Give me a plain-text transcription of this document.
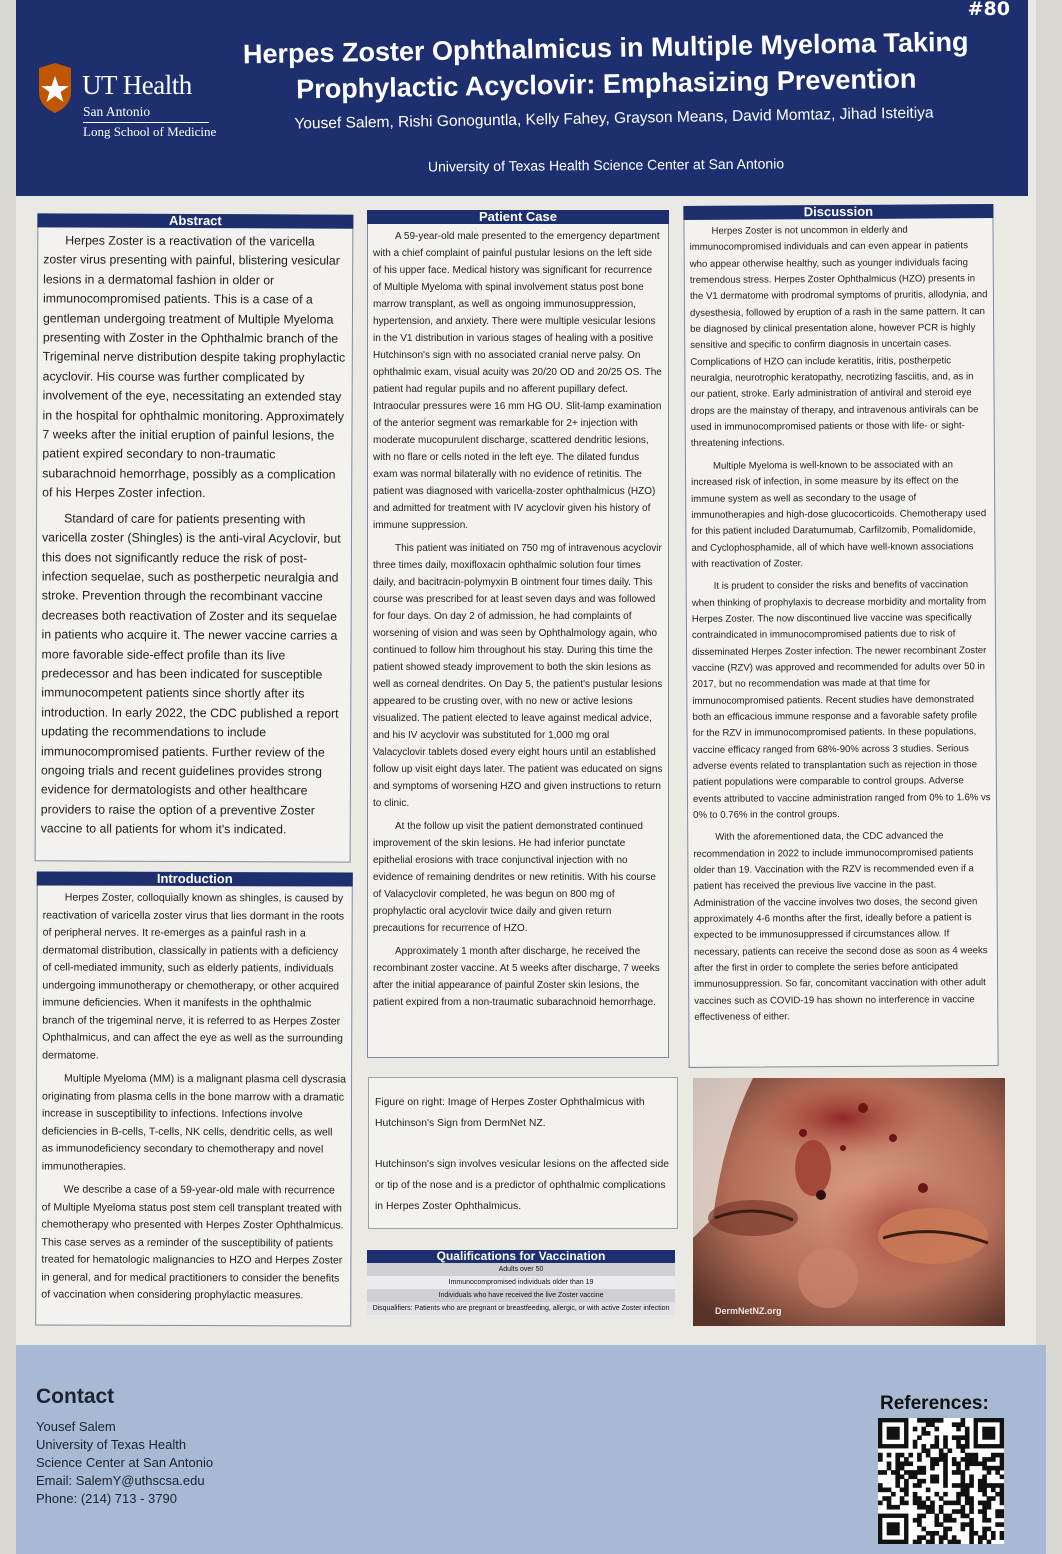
#80
UT Health
San Antonio
Long School of Medicine
Herpes Zoster Ophthalmicus in Multiple Myeloma Taking
Prophylactic Acyclovir: Emphasizing Prevention
Yousef Salem, Rishi Gonoguntla, Kelly Fahey, Grayson Means, David Momtaz, Jihad Isteitiya
University of Texas Health Science Center at San Antonio
Abstract

Herpes Zoster is a reactivation of the varicella zoster virus presenting with painful, blistering vesicular lesions in a dermatomal fashion in older or immunocompromised patients. This is a case of a gentleman undergoing treatment of Multiple Myeloma presenting with Zoster in the Ophthalmic branch of the Trigeminal nerve distribution despite taking prophylactic acyclovir. His course was further complicated by involvement of the eye, necessitating an extended stay in the hospital for ophthalmic monitoring. Approximately 7 weeks after the initial eruption of painful lesions, the patient expired secondary to non-traumatic subarachnoid hemorrhage, possibly as a complication of his Herpes Zoster infection.

Standard of care for patients presenting with varicella zoster (Shingles) is the anti-viral Acyclovir, but this does not significantly reduce the risk of post-infection sequelae, such as postherpetic neuralgia and stroke. Prevention through the recombinant vaccine decreases both reactivation of Zoster and its sequelae in patients who acquire it. The newer vaccine carries a more favorable side-effect profile than its live predecessor and has been indicated for susceptible immunocompetent patients since shortly after its introduction. In early 2022, the CDC published a report updating the recommendations to include immunocompromised patients. Further review of the ongoing trials and recent guidelines provides strong evidence for dermatologists and other healthcare providers to raise the option of a preventive Zoster vaccine to all patients for whom it's indicated.

Introduction

Herpes Zoster, colloquially known as shingles, is caused by reactivation of varicella zoster virus that lies dormant in the roots of peripheral nerves. It re-emerges as a painful rash in a dermatomal distribution, classically in patients with a deficiency of cell-mediated immunity, such as elderly patients, individuals undergoing immunotherapy or chemotherapy, or other acquired immune deficiencies. When it manifests in the ophthalmic branch of the trigeminal nerve, it is referred to as Herpes Zoster Ophthalmicus, and can affect the eye as well as the surrounding dermatome.

Multiple Myeloma (MM) is a malignant plasma cell dyscrasia originating from plasma cells in the bone marrow with a dramatic increase in susceptibility to infections. Infections involve deficiencies in B-cells, T-cells, NK cells, dendritic cells, as well as immunodeficiency secondary to chemotherapy and novel immunotherapies.

We describe a case of a 59-year-old male with recurrence of Multiple Myeloma status post stem cell transplant treated with chemotherapy who presented with Herpes Zoster Ophthalmicus. This case serves as a reminder of the susceptibility of patients treated for hematologic malignancies to HZO and Herpes Zoster in general, and for medical practitioners to consider the benefits of vaccination when considering prophylactic measures.

Patient Case

A 59-year-old male presented to the emergency department with a chief complaint of painful pustular lesions on the left side of his upper face. Medical history was significant for recurrence of Multiple Myeloma with spinal involvement status post bone marrow transplant, as well as ongoing immunosuppression, hypertension, and anxiety. There were multiple vesicular lesions in the V1 distribution in various stages of healing with a positive Hutchinson's sign with no associated cranial nerve palsy. On ophthalmic exam, visual acuity was 20/20 OD and 20/25 OS. The patient had regular pupils and no afferent pupillary defect. Intraocular pressures were 16 mm HG OU. Slit-lamp examination of the anterior segment was remarkable for 2+ injection with moderate mucopurulent discharge, scattered dendritic lesions, with no flare or cells noted in the left eye. The dilated fundus exam was normal bilaterally with no evidence of retinitis. The patient was diagnosed with varicella-zoster ophthalmicus (HZO) and admitted for treatment with IV acyclovir given his history of immune suppression.

This patient was initiated on 750 mg of intravenous acyclovir three times daily, moxifloxacin ophthalmic solution four times daily, and bacitracin-polymyxin B ointment four times daily. This course was prescribed for at least seven days and was followed for four days. On day 2 of admission, he had complaints of worsening of vision and was seen by Ophthalmology again, who continued to follow him throughout his stay. During this time the patient showed steady improvement to both the skin lesions as well as corneal dendrites. On Day 5, the patient's pustular lesions appeared to be crusting over, with no new or active lesions visualized. The patient elected to leave against medical advice, and his IV acyclovir was substituted for 1,000 mg oral Valacyclovir tablets dosed every eight hours until an established follow up visit eight days later. The patient was educated on signs and symptoms of worsening HZO and given instructions to return to clinic.

At the follow up visit the patient demonstrated continued improvement of the skin lesions. He had inferior punctate epithelial erosions with trace conjunctival injection with no evidence of remaining dendrites or new retinitis. With his course of Valacyclovir completed, he was begun on 800 mg of prophylactic oral acyclovir twice daily and given return precautions for recurrence of HZO.

Approximately 1 month after discharge, he received the recombinant zoster vaccine. At 5 weeks after discharge, 7 weeks after the initial appearance of painful Zoster skin lesions, the patient expired from a non-traumatic subarachnoid hemorrhage.

Discussion

Herpes Zoster is not uncommon in elderly and immunocompromised individuals and can even appear in patients who appear otherwise healthy, such as younger individuals facing tremendous stress. Herpes Zoster Ophthalmicus (HZO) presents in the V1 dermatome with prodromal symptoms of pruritis, allodynia, and dysesthesia, followed by eruption of a rash in the same pattern. It can be diagnosed by clinical presentation alone, however PCR is highly sensitive and specific to confirm diagnosis in uncertain cases. Complications of HZO can include keratitis, iritis, postherpetic neuralgia, neurotrophic keratopathy, necrotizing fasciitis, and, as in our patient, stroke. Early administration of antiviral and steroid eye drops are the mainstay of therapy, and intravenous antivirals can be used in immunocompromised patients or those with life- or sight-threatening infections.

Multiple Myeloma is well-known to be associated with an increased risk of infection, in some measure by its effect on the immune system as well as secondary to the usage of immunotherapies and high-dose glucocorticoids. Chemotherapy used for this patient included Daratumumab, Carfilzomib, Pomalidomide, and Cyclophosphamide, all of which have well-known associations with reactivation of Zoster.

It is prudent to consider the risks and benefits of vaccination when thinking of prophylaxis to decrease morbidity and mortality from Herpes Zoster. The now discontinued live vaccine was specifically contraindicated in immunocompromised patients due to risk of disseminated Herpes Zoster infection. The newer recombinant Zoster vaccine (RZV) was approved and recommended for adults over 50 in 2017, but no recommendation was made at that time for immunocompromised patients. Recent studies have demonstrated both an efficacious immune response and a favorable safety profile for the RZV in immunocompromised patients. In these populations, vaccine efficacy ranged from 68%-90% across 3 studies. Serious adverse events related to transplantation such as rejection in those patient populations were comparable to control groups. Adverse events attributed to vaccine administration ranged from 0% to 1.6% vs 0% to 0.76% in the control groups.

With the aforementioned data, the CDC advanced the recommendation in 2022 to include immunocompromised patients older than 19. Vaccination with the RZV is recommended even if a patient has received the previous live vaccine in the past. Administration of the vaccine involves two doses, the second given approximately 4-6 months after the first, ideally before a patient is expected to be immunosuppressed if circumstances allow. If necessary, patients can receive the second dose as soon as 4 weeks after the first in order to complete the series before anticipated immunosuppression. So far, concomitant vaccination with other adult vaccines such as COVID-19 has shown no interference in vaccine effectiveness of either.

Figure on right: Image of Herpes Zoster Ophthalmicus with Hutchinson's Sign from DermNet NZ.

Hutchinson's sign involves vesicular lesions on the affected side or tip of the nose and is a predictor of ophthalmic complications in Herpes Zoster Ophthalmicus.

DermNetNZ.org
Qualifications for Vaccination
Adults over 50
Immunocompromised individuals older than 19
Individuals who have received the live Zoster vaccine
Disqualifiers: Patients who are pregnant or breastfeeding, allergic, or with active Zoster infection
Contact
Yousef Salem
University of Texas Health
Science Center at San Antonio
Email: SalemY@uthscsa.edu
Phone: (214) 713 - 3790
References:
